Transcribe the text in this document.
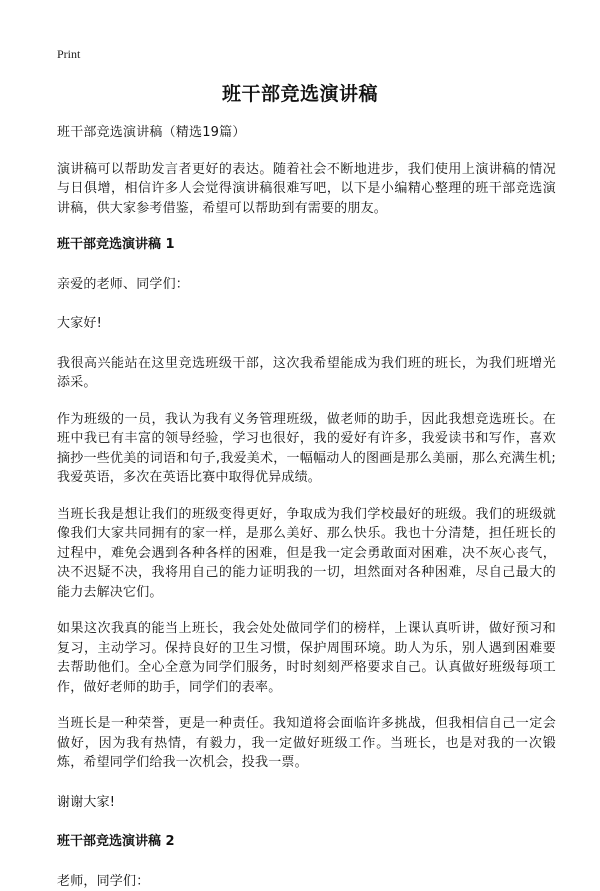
Print
班干部竞选演讲稿

班干部竞选演讲稿（精选19篇）

演讲稿可以帮助发言者更好的表达。随着社会不断地进步，我们使用上演讲稿的情况与日俱增，相信许多人会觉得演讲稿很难写吧，以下是小编精心整理的班干部竞选演讲稿，供大家参考借鉴，希望可以帮助到有需要的朋友。

班干部竞选演讲稿 1

亲爱的老师、同学们：

大家好!

我很高兴能站在这里竞选班级干部，这次我希望能成为我们班的班长，为我们班增光添采。

作为班级的一员，我认为我有义务管理班级，做老师的助手，因此我想竞选班长。在班中我已有丰富的领导经验，学习也很好，我的爱好有许多，我爱读书和写作，喜欢摘抄一些优美的词语和句子,我爱美术，一幅幅动人的图画是那么美丽，那么充满生机;我爱英语，多次在英语比赛中取得优异成绩。

当班长我是想让我们的班级变得更好，争取成为我们学校最好的班级。我们的班级就像我们大家共同拥有的家一样，是那么美好、那么快乐。我也十分清楚，担任班长的 过程中，难免会遇到各种各样的困难，但是我一定会勇敢面对困难，决不灰心丧气，决不迟疑不决，我将用自己的能力证明我的一切，坦然面对各种困难，尽自己最大的能力去解决它们。

如果这次我真的能当上班长，我会处处做同学们的榜样，上课认真听讲，做好预习和复习，主动学习。保持良好的卫生习惯，保护周围环境。助人为乐，别人遇到困难要去帮助他们。全心全意为同学们服务，时时刻刻严格要求自己。认真做好班级每项工作，做好老师的助手，同学们的表率。

当班长是一种荣誉，更是一种责任。我知道将会面临许多挑战，但我相信自己一定会做好，因为我有热情，有毅力，我一定做好班级工作。当班长，也是对我的一次锻炼，希望同学们给我一次机会，投我一票。

谢谢大家!

班干部竞选演讲稿 2

老师，同学们：
